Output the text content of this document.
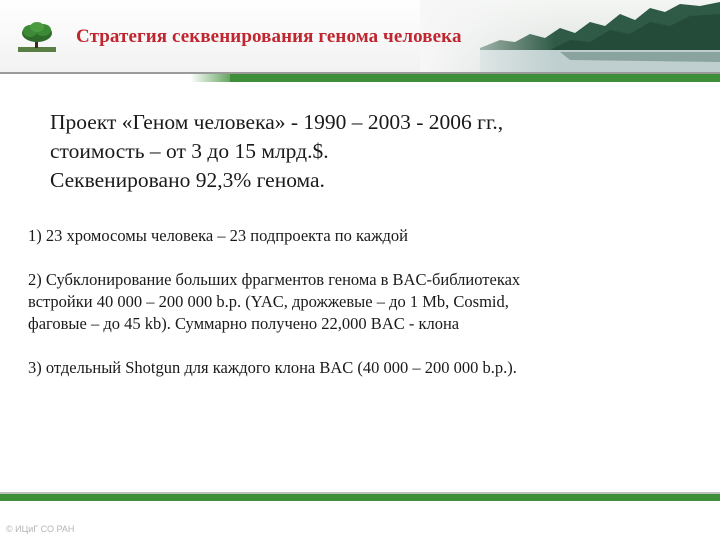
Стратегия секвенирования генома человека
Проект «Геном человека» - 1990 – 2003 - 2006 гг.,
стоимость – от 3 до 15 млрд.$.
Секвенировано 92,3% генома.
1) 23 хромосомы человека – 23 подпроекта по каждой
2) Субклонирование больших фрагментов генома в BAC-библиотеках
встройки 40 000 – 200 000 b.p. (YAC, дрожжевые – до 1 Mb, Cosmid,
фаговые – до 45 kb). Суммарно получено 22,000 BAC - клона
3) отдельный Shotgun для каждого клона BAC (40 000 – 200 000 b.p.).
© ИЦиГ СО РАН
